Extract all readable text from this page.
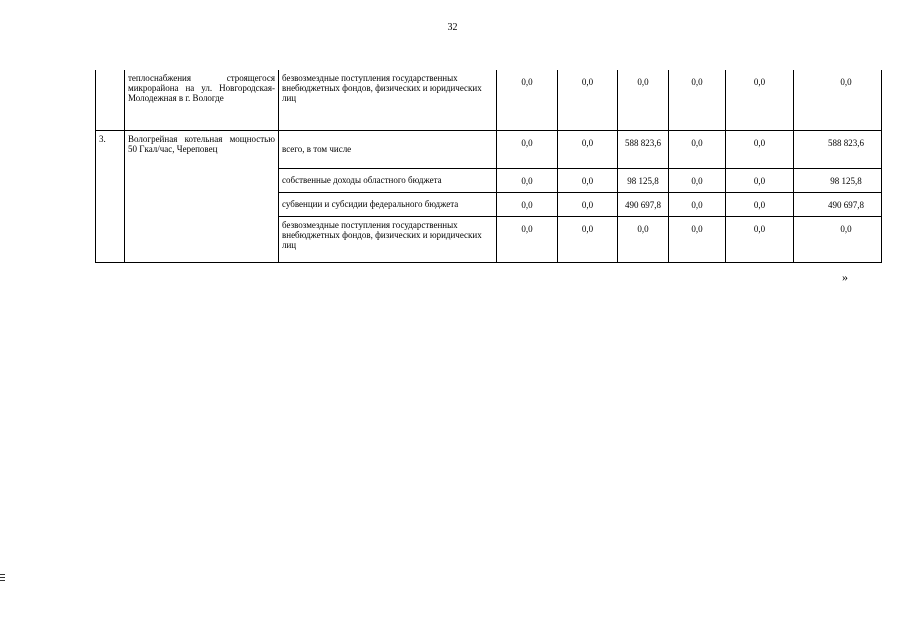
32
	теплоснабжения строящегося микрорайона на ул. Новгородская-Молодежная в г. Вологде	безвозмездные поступления государственных внебюджетных фондов, физических и юридических лиц	0,0	0,0	0,0	0,0	0,0	0,0
3.	Вологрейная котельная мощностью 50 Гкал/час, Череповец	всего, в том числе	0,0	0,0	588 823,6	0,0	0,0	588 823,6
		собственные доходы областного бюджета	0,0	0,0	98 125,8	0,0	0,0	98 125,8
		субвенции и субсидии федерального бюджета	0,0	0,0	490 697,8	0,0	0,0	490 697,8
		безвозмездные поступления государственных внебюджетных фондов, физических и юридических лиц	0,0	0,0	0,0	0,0	0,0	0,0
»
